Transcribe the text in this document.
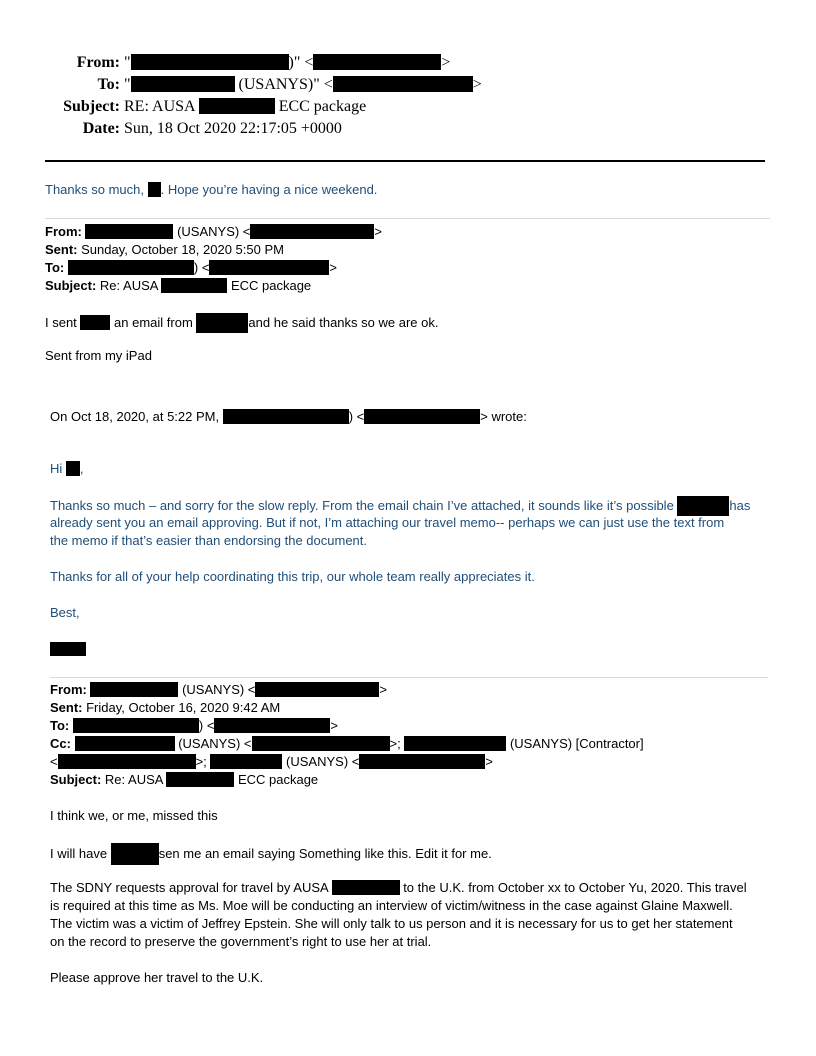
From: "	)" <	>
To: "	(USANYS)" <	>
Subject: RE: AUSA	ECC package
Date: Sun, 18 Oct 2020 22:17:05 +0000
Thanks so much, . Hope you’re having a nice weekend.
From:	(USANYS) <	>
Sent: Sunday, October 18, 2020 5:50 PM
To:	) <	>
Subject: Re: AUSA	ECC package
I sent  an email from	and he said thanks so we are ok.
Sent from my iPad
On Oct 18, 2020, at 5:22 PM,	) <	> wrote:
Hi ,
Thanks so much – and sorry for the slow reply. From the email chain I’ve attached, it sounds like it’s possible	has
already sent you an email approving. But if not, I’m attaching our travel memo-- perhaps we can just use the text from
the memo if that’s easier than endorsing the document.
Thanks for all of your help coordinating this trip, our whole team really appreciates it.
Best,
From:	(USANYS) <	>
Sent: Friday, October 16, 2020 9:42 AM
To:	) <	>
Cc:	(USANYS) <	>;	(USANYS) [Contractor]
<	>;	(USANYS) <	>
Subject: Re: AUSA	ECC package
I think we, or me, missed this
I will have	sen me an email saying Something like this. Edit it for me.
The SDNY requests approval for travel by AUSA	to the U.K. from October xx to October Yu, 2020. This travel
is required at this time as Ms. Moe will be conducting an interview of victim/witness in the case against Glaine Maxwell.
The victim was a victim of Jeffrey Epstein. She will only talk to us person and it is necessary for us to get her statement
on the record to preserve the government’s right to use her at trial.
Please approve her travel to the U.K.
